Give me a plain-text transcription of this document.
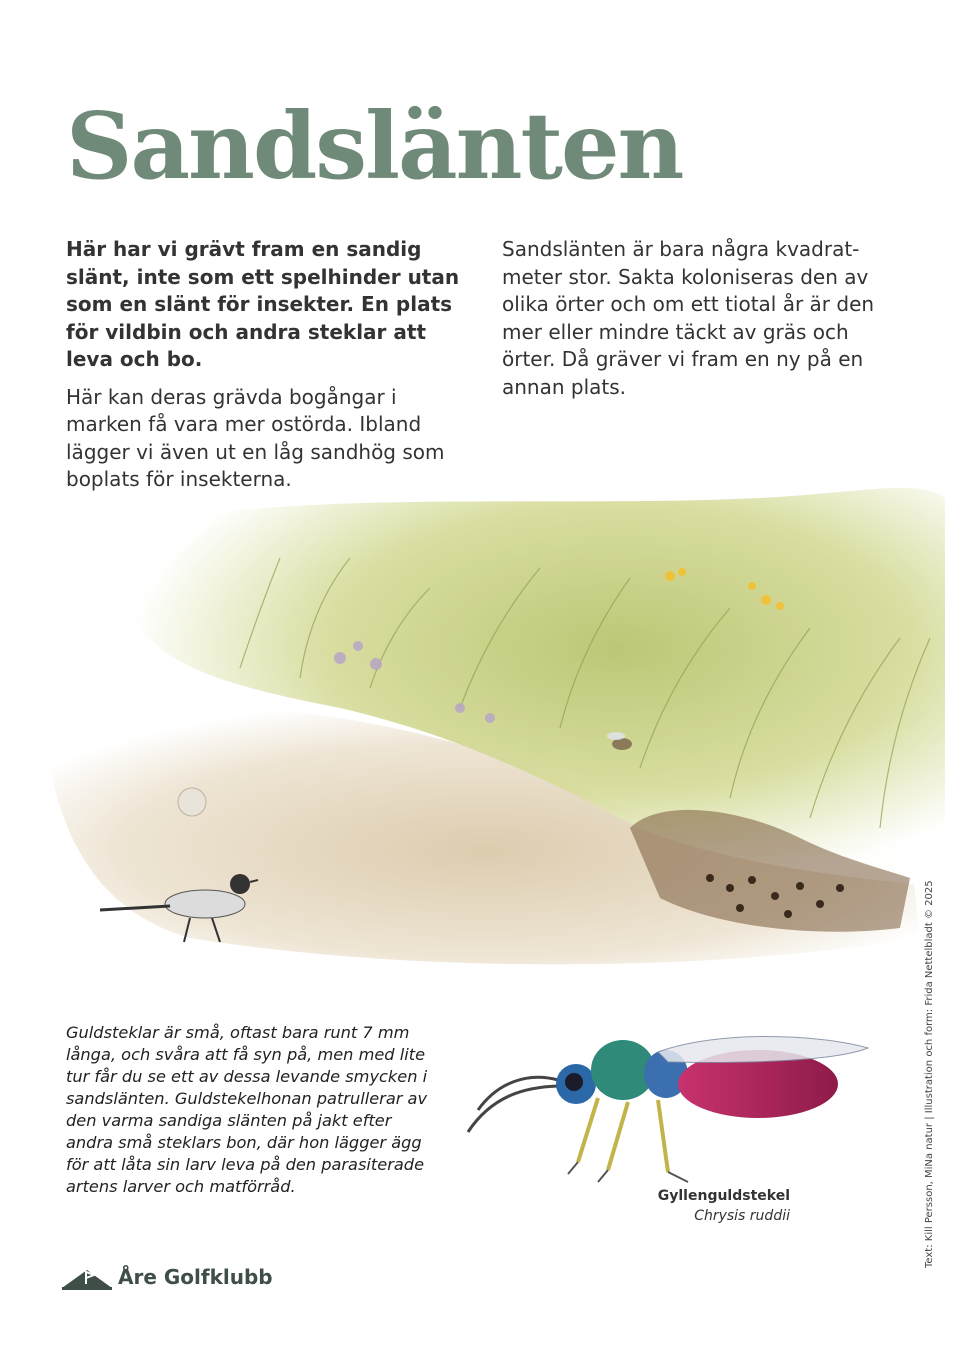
Sandslänten

Här har vi grävt fram en sandig slänt, inte som ett spelhinder utan som en slänt för insekter. En plats för vildbin och andra steklar att leva och bo.

Här kan deras grävda bogångar i marken få vara mer ostörda. Ibland lägger vi även ut en låg sandhög som boplats för insekterna.

Sandslänten är bara några kvadrat-meter stor. Sakta koloniseras den av olika örter och om ett tiotal år är den mer eller mindre täckt av gräs och örter. Då gräver vi fram en ny på en annan plats.

Text: Kill Persson, MiNa natur | Illustration och form: Frida Nettelbladt © 2025

Guldsteklar är små, oftast bara runt 7 mm långa, och svåra att få syn på, men med lite tur får du se ett av dessa levande smycken i sandslänten. Guldstekelhonan patrullerar av den varma sandiga slänten på jakt efter andra små steklars bon, där hon lägger ägg för att låta sin larv leva på den parasiterade artens larver och matförråd.	Gyllenguldstekel
Chrysis ruddii
Åre Golfklubb
